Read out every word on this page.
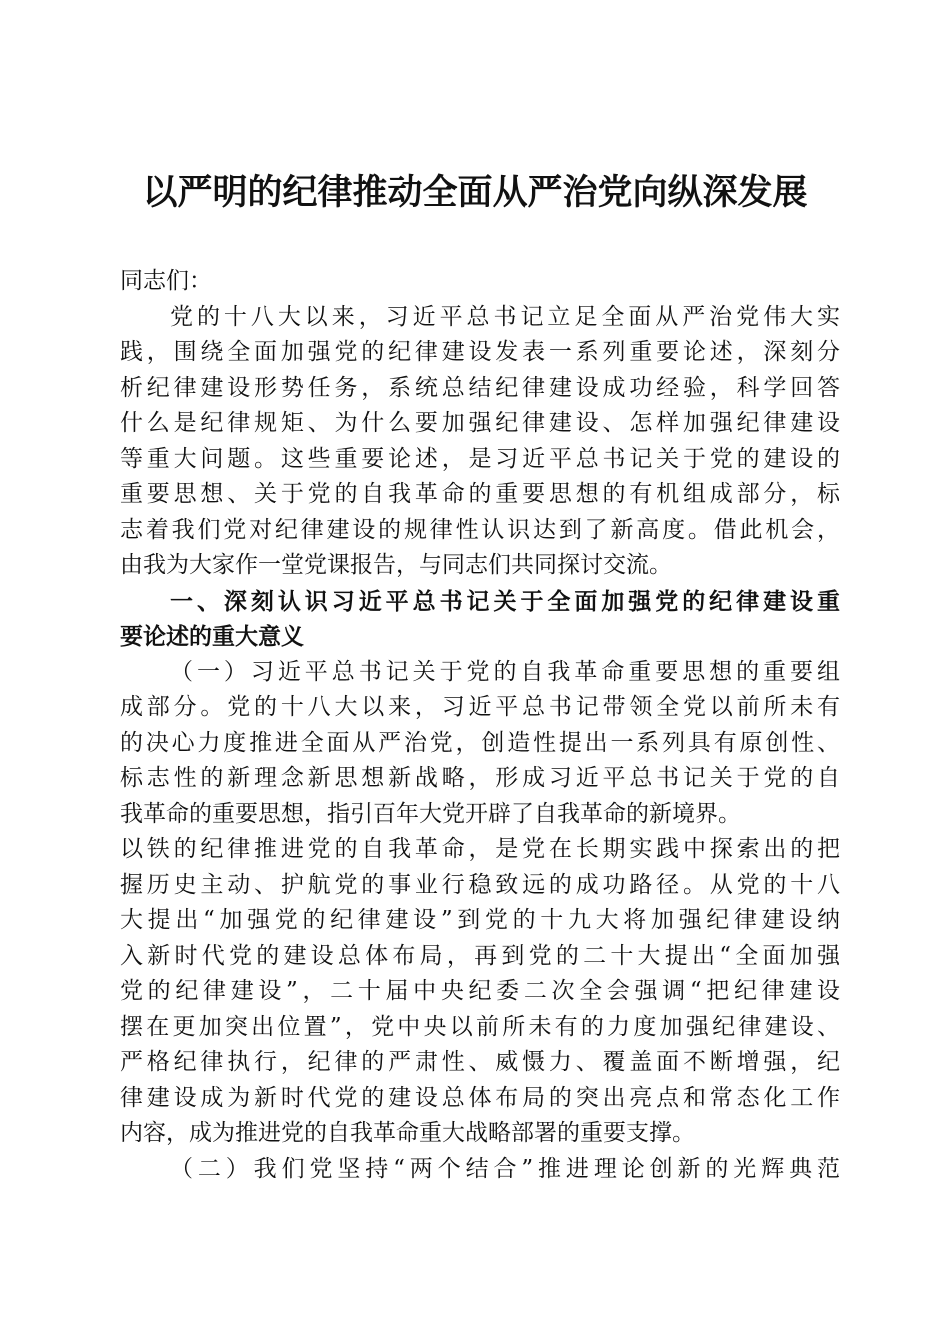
以严明的纪律推动全面从严治党向纵深发展
同志们：
党的十八大以来，习近平总书记立足全面从严治党伟大实
践，围绕全面加强党的纪律建设发表一系列重要论述，深刻分
析纪律建设形势任务，系统总结纪律建设成功经验，科学回答
什么是纪律规矩、为什么要加强纪律建设、怎样加强纪律建设
等重大问题。这些重要论述，是习近平总书记关于党的建设的
重要思想、关于党的自我革命的重要思想的有机组成部分，标
志着我们党对纪律建设的规律性认识达到了新高度。借此机会，
由我为大家作一堂党课报告，与同志们共同探讨交流。
一、深刻认识习近平总书记关于全面加强党的纪律建设重
要论述的重大意义
（一）习近平总书记关于党的自我革命重要思想的重要组
成部分。党的十八大以来，习近平总书记带领全党以前所未有
的决心力度推进全面从严治党，创造性提出一系列具有原创性、
标志性的新理念新思想新战略，形成习近平总书记关于党的自
我革命的重要思想，指引百年大党开辟了自我革命的新境界。
以铁的纪律推进党的自我革命，是党在长期实践中探索出的把
握历史主动、护航党的事业行稳致远的成功路径。从党的十八
大提出“加强党的纪律建设”到党的十九大将加强纪律建设纳
入新时代党的建设总体布局，再到党的二十大提出“全面加强
党的纪律建设”，二十届中央纪委二次全会强调“把纪律建设
摆在更加突出位置”，党中央以前所未有的力度加强纪律建设、
严格纪律执行，纪律的严肃性、威慑力、覆盖面不断增强，纪
律建设成为新时代党的建设总体布局的突出亮点和常态化工作
内容，成为推进党的自我革命重大战略部署的重要支撑。
（二）我们党坚持“两个结合”推进理论创新的光辉典范
